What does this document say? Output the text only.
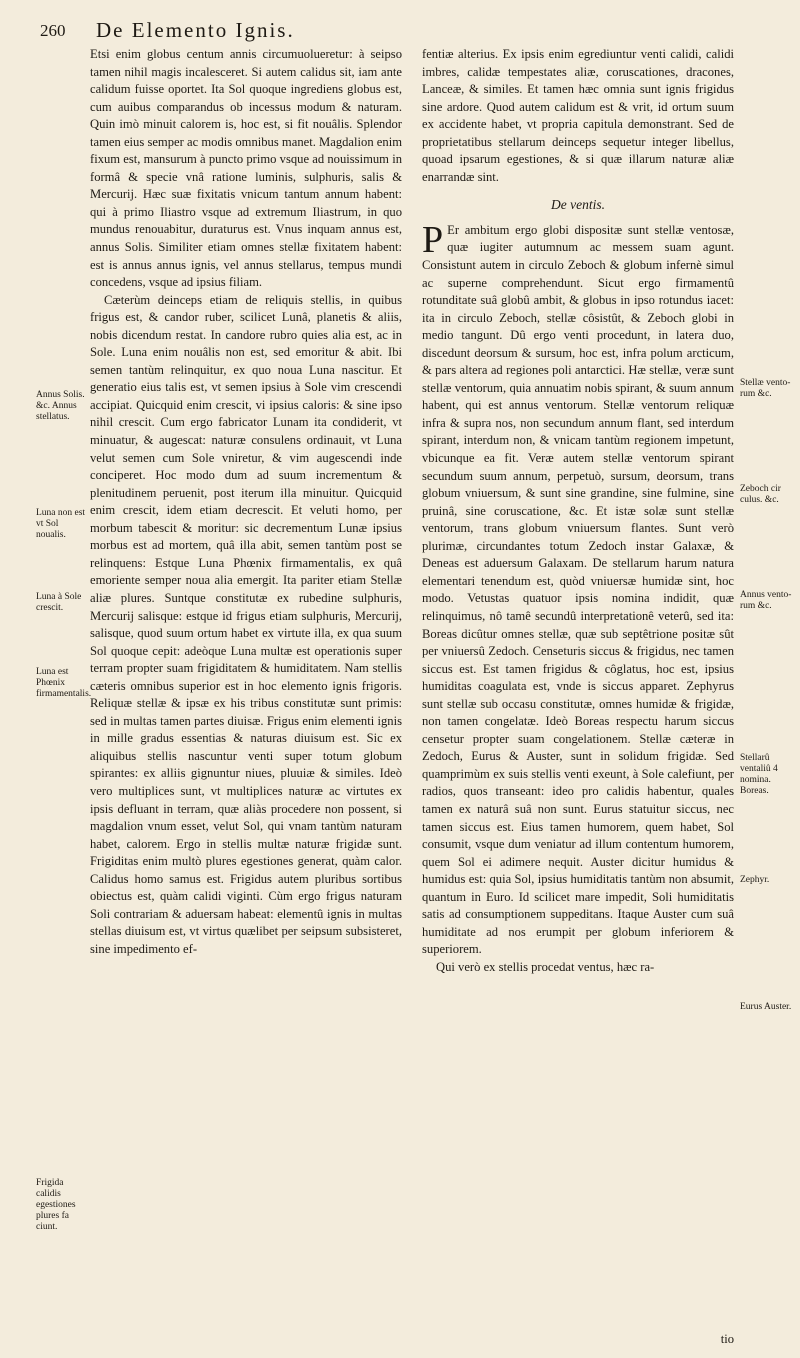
260 De Elemento Ignis.

Etsi enim globus centum annis circumuolueretur: à seipso tamen nihil magis incalesceret. Si autem calidus sit, iam ante calidum fuisse oportet. Ita Sol quoque ingrediens globus est, cum auibus comparandus ob incessus modum & naturam. Quin imò minuit calorem is, hoc est, si fit nouâlis. Splendor tamen eius semper ac modis omnibus manet. Magdalion enim fixum est, mansurum à puncto primo vsque ad nouissimum in formâ & specie vnâ ratione luminis, sulphuris, salis & Mercurij. Hæc suæ fixitatis vnicum tantum annum habent: qui à primo Iliastro vsque ad extremum Iliastrum, in quo mundus renouabitur, duraturus est. Vnus inquam annus est, annus Solis. Similiter etiam omnes stellæ fixitatem habent: est is annus annus ignis, vel annus stellarus, tempus mundi concedens, vsque ad ipsius filiam.

Cæterùm deinceps etiam de reliquis stellis, in quibus frigus est, & candor ruber, scilicet Lunâ, planetis & aliis, nobis dicendum restat. In candore rubro quies alia est, ac in Sole. Luna enim nouâlis non est, sed emoritur & abit. Ibi semen tantùm relinquitur, ex quo noua Luna nascitur. Et generatio eius talis est, vt semen ipsius à Sole vim crescendi accipiat. Quicquid enim crescit, vi ipsius caloris: & sine ipso nihil crescit. Cum ergo fabricator Lunam ita condiderit, vt minuatur, & augescat: naturæ consulens ordinauit, vt Luna velut semen cum Sole vniretur, & vim augescendi inde conciperet. Hoc modo dum ad suum incrementum & plenitudinem peruenit, post iterum illa minuitur. Quicquid enim crescit, idem etiam decrescit. Et veluti homo, per morbum tabescit & moritur: sic decrementum Lunæ ipsius morbus est ad mortem, quâ illa abit, semen tantùm post se relinquens: Estque Luna Phœnix firmamentalis, ex quâ emoriente semper noua alia emergit. Ita pariter etiam Stellæ aliæ plures. Suntque constitutæ ex rubedine sulphuris, Mercurij salisque: estque id frigus etiam sulphuris, Mercurij, salisque, quod suum ortum habet ex virtute illa, ex qua suum Sol quoque cepit: adeòque Luna multæ est operationis super terram propter suam frigiditatem & humiditatem. Nam stellis cæteris omnibus superior est in hoc elemento ignis frigoris. Reliquæ stellæ & ipsæ ex his tribus constitutæ sunt primis: sed in multas tamen partes diuisæ. Frigus enim elementi ignis in mille gradus essentias & naturas diuisum est. Sic ex aliquibus stellis nascuntur venti super totum globum spirantes: ex alliis gignuntur niues, pluuiæ & similes. Ideò vero multiplices sunt, vt multiplices naturæ ac virtutes ex ipsis defluant in terram, quæ aliàs procedere non possent, si magdalion vnum esset, velut Sol, qui vnam tantùm naturam habet, calorem. Ergo in stellis multæ naturæ frigidæ sunt. Frigiditas enim multò plures egestiones generat, quàm calor. Calidus homo samus est. Frigidus autem pluribus sortibus obiectus est, quàm calidi viginti. Cùm ergo frigus naturam Soli contrariam & aduersam habeat: elementû ignis in multas stellas diuisum est, vt virtus quælibet per seipsum subsisteret, sine impedimento ef-

fentiæ alterius. Ex ipsis enim egrediuntur venti calidi, calidi imbres, calidæ tempestates aliæ, coruscationes, dracones, Lanceæ, & similes. Et tamen hæc omnia sunt ignis frigidus sine ardore. Quod autem calidum est & vrit, id ortum suum ex accidente habet, vt propria capitula demonstrant. Sed de proprietatibus stellarum deinceps sequetur integer libellus, quoad ipsarum egestiones, & si quæ illarum naturæ aliæ enarrandæ sint.

De ventis.

P Er ambitum ergo globi dispositæ sunt stellæ ventosæ, quæ iugiter autumnum ac messem suam agunt. Consistunt autem in circulo Zeboch & globum infernè simul ac superne comprehendunt. Sicut ergo firmamentû rotunditate suâ globû ambit, & globus in ipso rotundus iacet: ita in circulo Zeboch, stellæ côsistût, & Zeboch globi in medio tangunt. Dû ergo venti procedunt, in latera duo, discedunt deorsum & sursum, hoc est, infra polum arcticum, & pars altera ad regiones poli antarctici. Hæ stellæ, veræ sunt stellæ ventorum, quia annuatim nobis spirant, & suum annum habent, qui est annus ventorum. Stellæ ventorum reliquæ infra & supra nos, non secundum annum flant, sed interdum spirant, interdum non, & vnicam tantùm regionem impetunt, vbicunque ea fit. Veræ autem stellæ ventorum spirant secundum suum annum, perpetuò, sursum, deorsum, trans globum vniuersum, & sunt sine grandine, sine fulmine, sine pruinâ, sine coruscatione, &c. Et istæ solæ sunt stellæ ventorum, trans globum vniuersum flantes. Sunt verò plurimæ, circundantes totum Zedoch instar Galaxæ, & Deneas est aduersum Galaxam. De stellarum harum natura elementari tenendum est, quòd vniuersæ humidæ sint, hoc modo. Vetustas quatuor ipsis nomina indidit, quæ relinquimus, nô tamê secundû interpretationê veterû, sed ita: Boreas dicûtur omnes stellæ, quæ sub septêtrione positæ sût per vniuersû Zedoch. Censeturis siccus & frigidus, nec tamen siccus est. Est tamen frigidus & côglatus, hoc est, ipsius humiditas coagulata est, vnde is siccus apparet. Zephyrus sunt stellæ sub occasu constitutæ, omnes humidæ & frigidæ, non tamen congelatæ. Ideò Boreas respectu harum siccus censetur propter suam congelationem. Stellæ cæteræ in Zedoch, Eurus & Auster, sunt in solidum frigidæ. Sed quamprimùm ex suis stellis venti exeunt, à Sole calefiunt, per radios, quos transeant: ideo pro calidis habentur, quales tamen ex naturâ suâ non sunt. Eurus statuitur siccus, nec tamen siccus est. Eius tamen humorem, quem habet, Sol consumit, vsque dum veniatur ad illum contentum humorem, quem Sol ei adimere nequit. Auster dicitur humidus & humidus est: quia Sol, ipsius humiditatis tantùm non absumit, quantum in Euro. Id scilicet mare impedit, Soli humiditatis satis ad consumptionem suppeditans. Itaque Auster cum suâ humiditate ad nos erumpit per globum inferiorem & superiorem.

Qui verò ex stellis procedat ventus, hæc ra-

tio
Annus Solis. &c. Annus stellatus.
Luna non est vt Sol noualis.
Luna à Sole crescit.
Luna est Phœnix firmamentalis.
Frigida calidis egestiones plures fa ciunt.
Stellæ vento- rum &c.
Zeboch cir culus. &c.
Annus vento- rum &c.
Stellarû ventaliû 4 nomina. Boreas.
Zephyr.
Eurus Auster.
